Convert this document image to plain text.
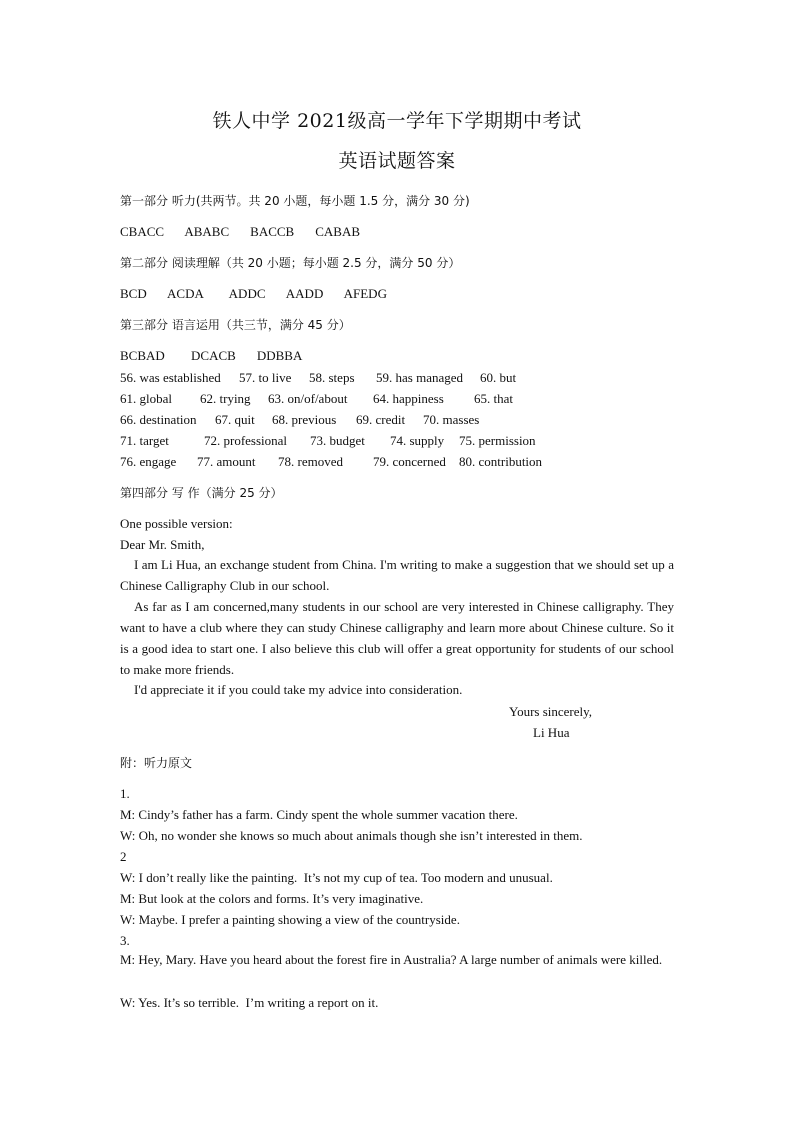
铁人中学 2021级高一学年下学期期中考试
英语试题答案
第一部分 听力(共两节。共 20 小题，每小题 1.5 分，满分 30 分)
CBACC    ABABC    BACCB    CABAB
第二部分 阅读理解（共 20 小题；每小题 2.5 分，满分 50 分）
BCD    ACDA     ADDC    AADD    AFEDG
第三部分 语言运用（共三节，满分 45 分）
BCBAD     DCACB    DDBBA
56. was established 57. to live 58. steps 59. has managed 60. but
61. global 62. trying 63. on/of/about 64. happiness 65. that
66. destination 67. quit 68. previous 69. credit 70. masses
71. target	72. professional 73. budget 74. supply 75. permission
76. engage 77. amount 78. removed 79. concerned 80. contribution
第四部分 写 作（满分 25 分）
One possible version:
Dear Mr. Smith,
I am Li Hua, an exchange student from China. I'm writing to make a suggestion that we should set up a Chinese Calligraphy Club in our school.
As far as I am concerned,many students in our school are very interested in Chinese calligraphy. They want to have a club where they can study Chinese calligraphy and learn more about Chinese culture. So it is a good idea to start one. I also believe this club will offer a great opportunity for students of our school to make more friends.
I'd appreciate it if you could take my advice into consideration.
Yours sincerely,
Li Hua
附：听力原文
1.
M: Cindy’s father has a farm. Cindy spent the whole summer vacation there.
W: Oh, no wonder she knows so much about animals though she isn’t interested in them.
2
W: I don’t really like the painting.  It’s not my cup of tea. Too modern and unusual.
M: But look at the colors and forms. It’s very imaginative.
W: Maybe. I prefer a painting showing a view of the countryside.
3.
M: Hey, Mary. Have you heard about the forest fire in Australia? A large number of animals were killed.
W: Yes. It’s so terrible.  I’m writing a report on it.
